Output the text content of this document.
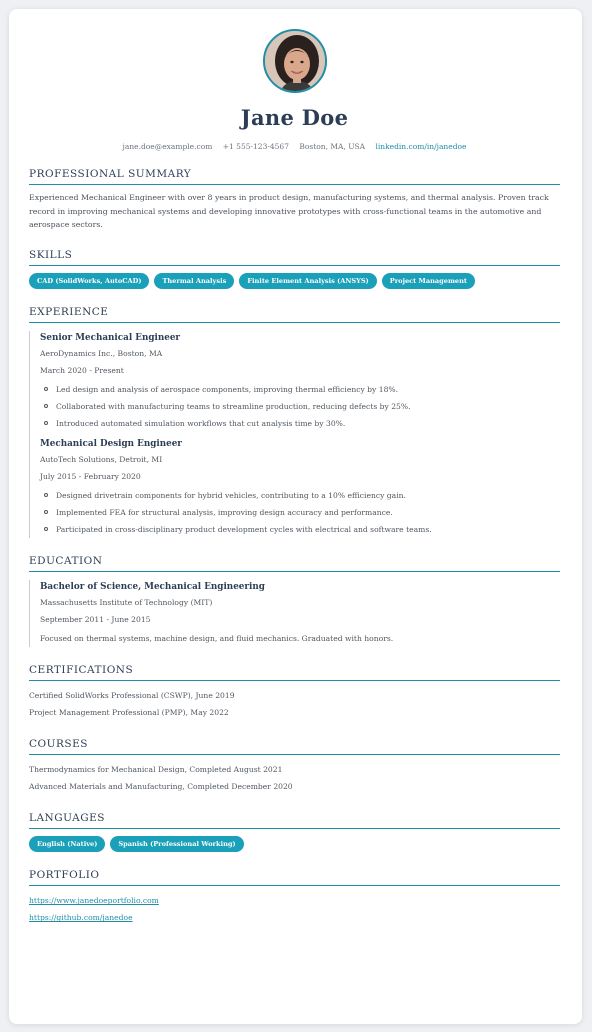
Jane Doe
jane.doe@example.com +1 555-123-4567 Boston, MA, USA linkedin.com/in/janedoe
PROFESSIONAL SUMMARY
Experienced Mechanical Engineer with over 8 years in product design, manufacturing systems, and thermal analysis. Proven track record in improving mechanical systems and developing innovative prototypes with cross-functional teams in the automotive and aerospace sectors.
SKILLS
CAD (SolidWorks, AutoCAD)	Thermal Analysis	Finite Element Analysis (ANSYS)	Project Management
EXPERIENCE
Senior Mechanical Engineer
AeroDynamics Inc., Boston, MA
March 2020 - Present
Led design and analysis of aerospace components, improving thermal efficiency by 18%.
Collaborated with manufacturing teams to streamline production, reducing defects by 25%.
Introduced automated simulation workflows that cut analysis time by 30%.
Mechanical Design Engineer
AutoTech Solutions, Detroit, MI
July 2015 - February 2020
Designed drivetrain components for hybrid vehicles, contributing to a 10% efficiency gain.
Implemented FEA for structural analysis, improving design accuracy and performance.
Participated in cross-disciplinary product development cycles with electrical and software teams.
EDUCATION
Bachelor of Science, Mechanical Engineering
Massachusetts Institute of Technology (MIT)
September 2011 - June 2015
Focused on thermal systems, machine design, and fluid mechanics. Graduated with honors.
CERTIFICATIONS
Certified SolidWorks Professional (CSWP), June 2019
Project Management Professional (PMP), May 2022
COURSES
Thermodynamics for Mechanical Design, Completed August 2021
Advanced Materials and Manufacturing, Completed December 2020
LANGUAGES
English (Native)	Spanish (Professional Working)
PORTFOLIO
https://www.janedoeportfolio.com
https://github.com/janedoe
